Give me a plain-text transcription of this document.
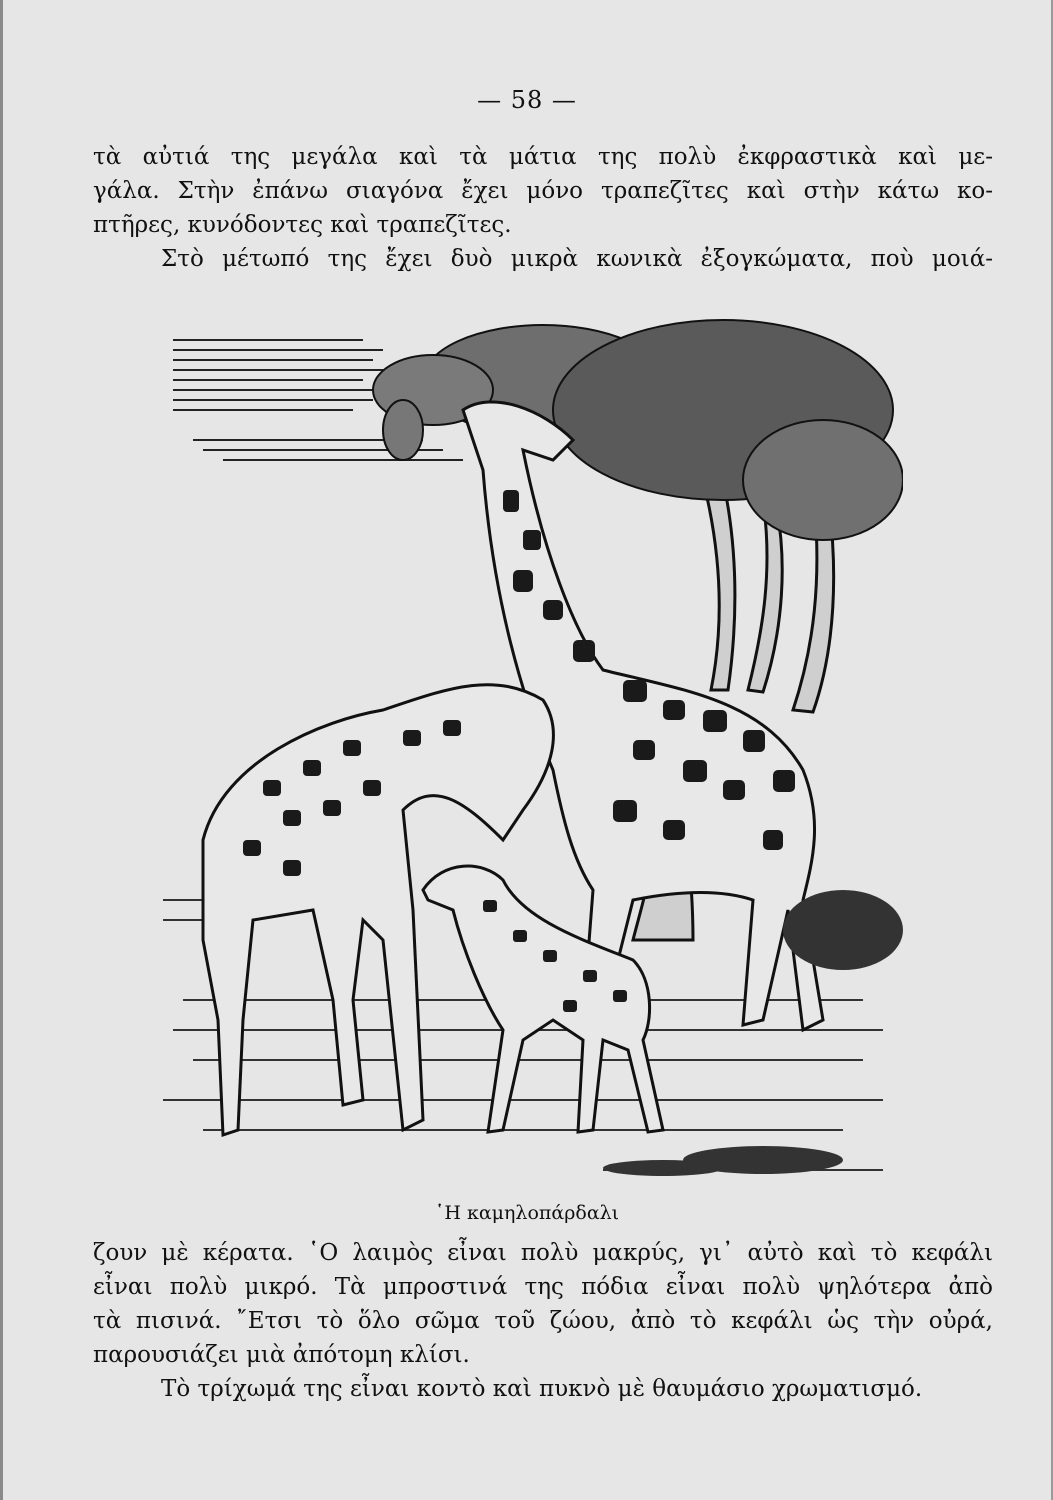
— 58 —
τὰ αὐτιά της μεγάλα καὶ τὰ μάτια της πολὺ ἐκφραστικὰ καὶ με-
γάλα. Στὴν ἐπάνω σιαγόνα ἔχει μόνο τραπεζῖτες καὶ στὴν κάτω κο-
πτῆρες, κυνόδοντες καὶ τραπεζῖτες.
Στὸ μέτωπό της ἔχει δυὸ μικρὰ κωνικὰ ἐξογκώματα, ποὺ μοιά-
῾Η καμηλοπάρδαλι
ζουν μὲ κέρατα. ῾Ο λαιμὸς εἶναι πολὺ μακρύς, γι᾽ αὐτὸ καὶ τὸ κεφάλι
εἶναι πολὺ μικρό. Τὰ μπροστινά της πόδια εἶναι πολὺ ψηλότερα ἀπὸ
τὰ πισινά. ῎Ετσι τὸ ὅλο σῶμα τοῦ ζώου, ἀπὸ τὸ κεφάλι ὡς τὴν οὐρά,
παρουσιάζει μιὰ ἀπότομη κλίσι.
Τὸ τρίχωμά της εἶναι κοντὸ καὶ πυκνὸ μὲ θαυμάσιο χρωματισμό.
